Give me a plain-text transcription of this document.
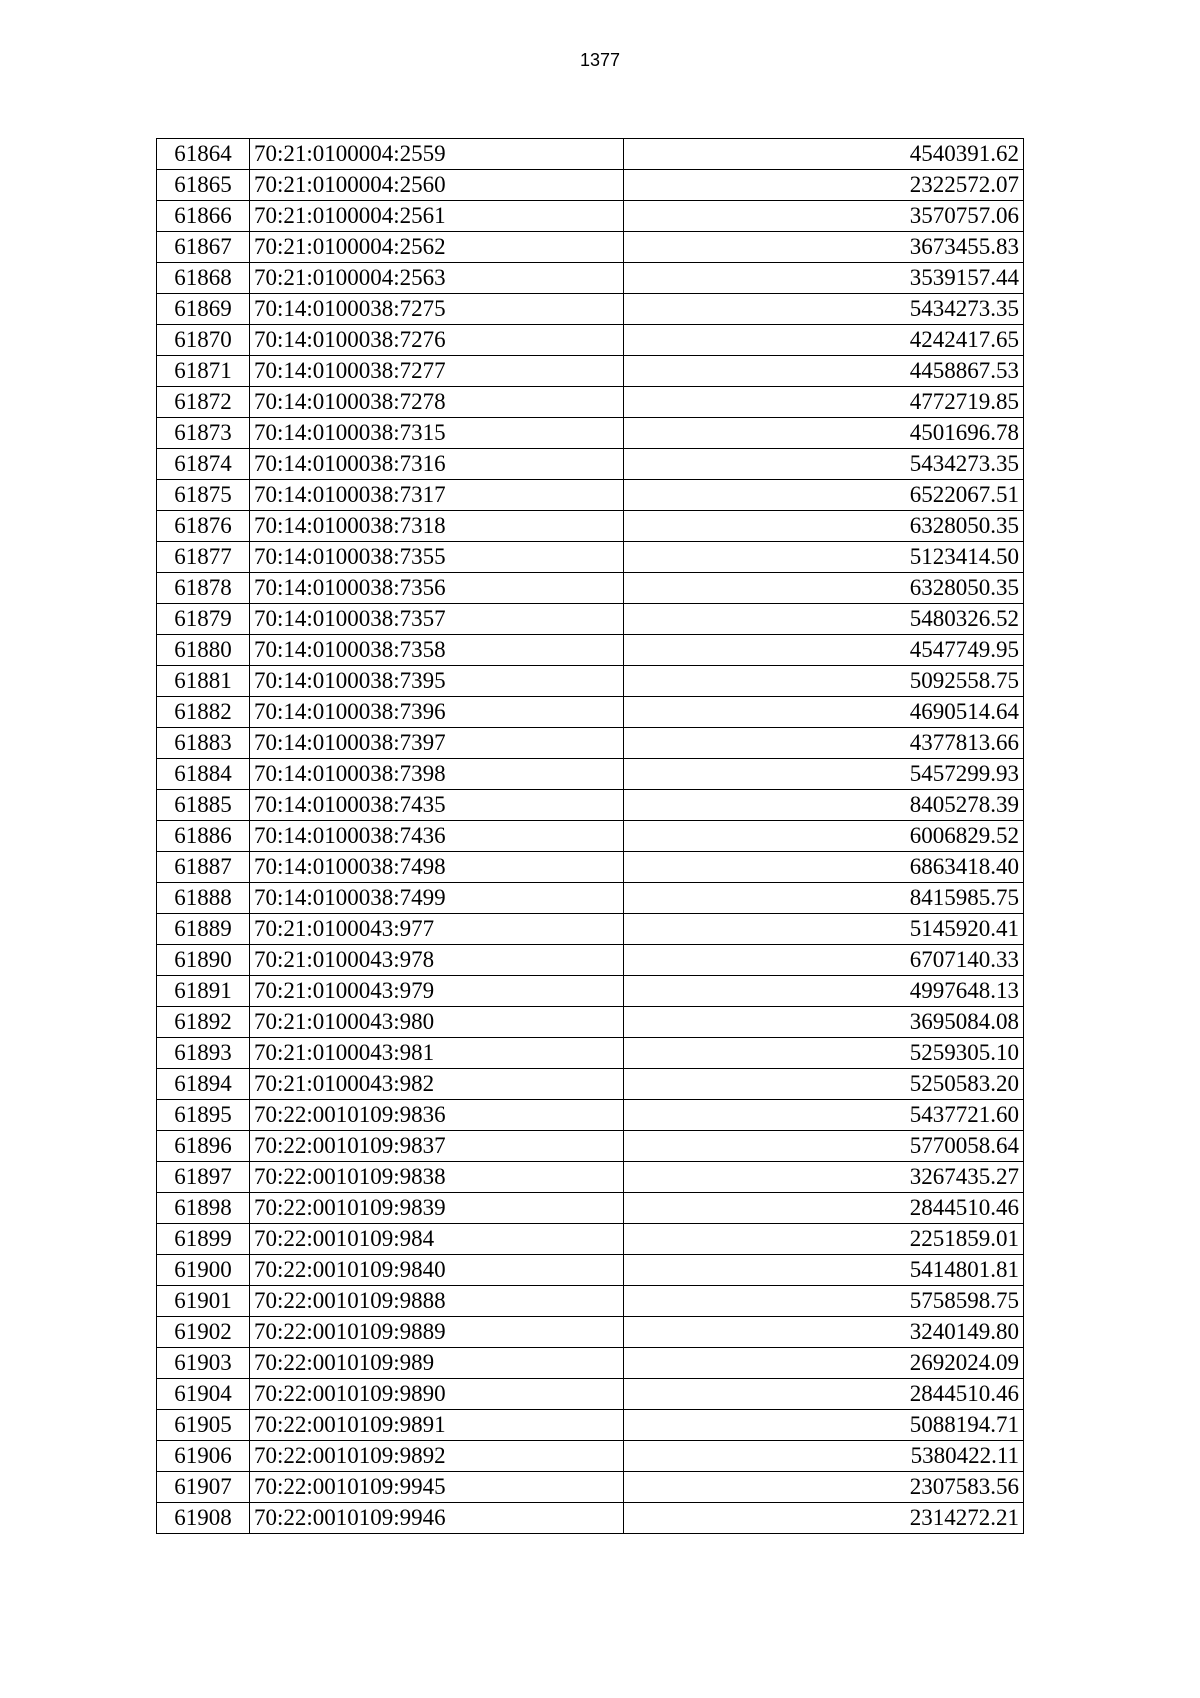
1377
61864	70:21:0100004:2559	4540391.62
61865	70:21:0100004:2560	2322572.07
61866	70:21:0100004:2561	3570757.06
61867	70:21:0100004:2562	3673455.83
61868	70:21:0100004:2563	3539157.44
61869	70:14:0100038:7275	5434273.35
61870	70:14:0100038:7276	4242417.65
61871	70:14:0100038:7277	4458867.53
61872	70:14:0100038:7278	4772719.85
61873	70:14:0100038:7315	4501696.78
61874	70:14:0100038:7316	5434273.35
61875	70:14:0100038:7317	6522067.51
61876	70:14:0100038:7318	6328050.35
61877	70:14:0100038:7355	5123414.50
61878	70:14:0100038:7356	6328050.35
61879	70:14:0100038:7357	5480326.52
61880	70:14:0100038:7358	4547749.95
61881	70:14:0100038:7395	5092558.75
61882	70:14:0100038:7396	4690514.64
61883	70:14:0100038:7397	4377813.66
61884	70:14:0100038:7398	5457299.93
61885	70:14:0100038:7435	8405278.39
61886	70:14:0100038:7436	6006829.52
61887	70:14:0100038:7498	6863418.40
61888	70:14:0100038:7499	8415985.75
61889	70:21:0100043:977	5145920.41
61890	70:21:0100043:978	6707140.33
61891	70:21:0100043:979	4997648.13
61892	70:21:0100043:980	3695084.08
61893	70:21:0100043:981	5259305.10
61894	70:21:0100043:982	5250583.20
61895	70:22:0010109:9836	5437721.60
61896	70:22:0010109:9837	5770058.64
61897	70:22:0010109:9838	3267435.27
61898	70:22:0010109:9839	2844510.46
61899	70:22:0010109:984	2251859.01
61900	70:22:0010109:9840	5414801.81
61901	70:22:0010109:9888	5758598.75
61902	70:22:0010109:9889	3240149.80
61903	70:22:0010109:989	2692024.09
61904	70:22:0010109:9890	2844510.46
61905	70:22:0010109:9891	5088194.71
61906	70:22:0010109:9892	5380422.11
61907	70:22:0010109:9945	2307583.56
61908	70:22:0010109:9946	2314272.21
